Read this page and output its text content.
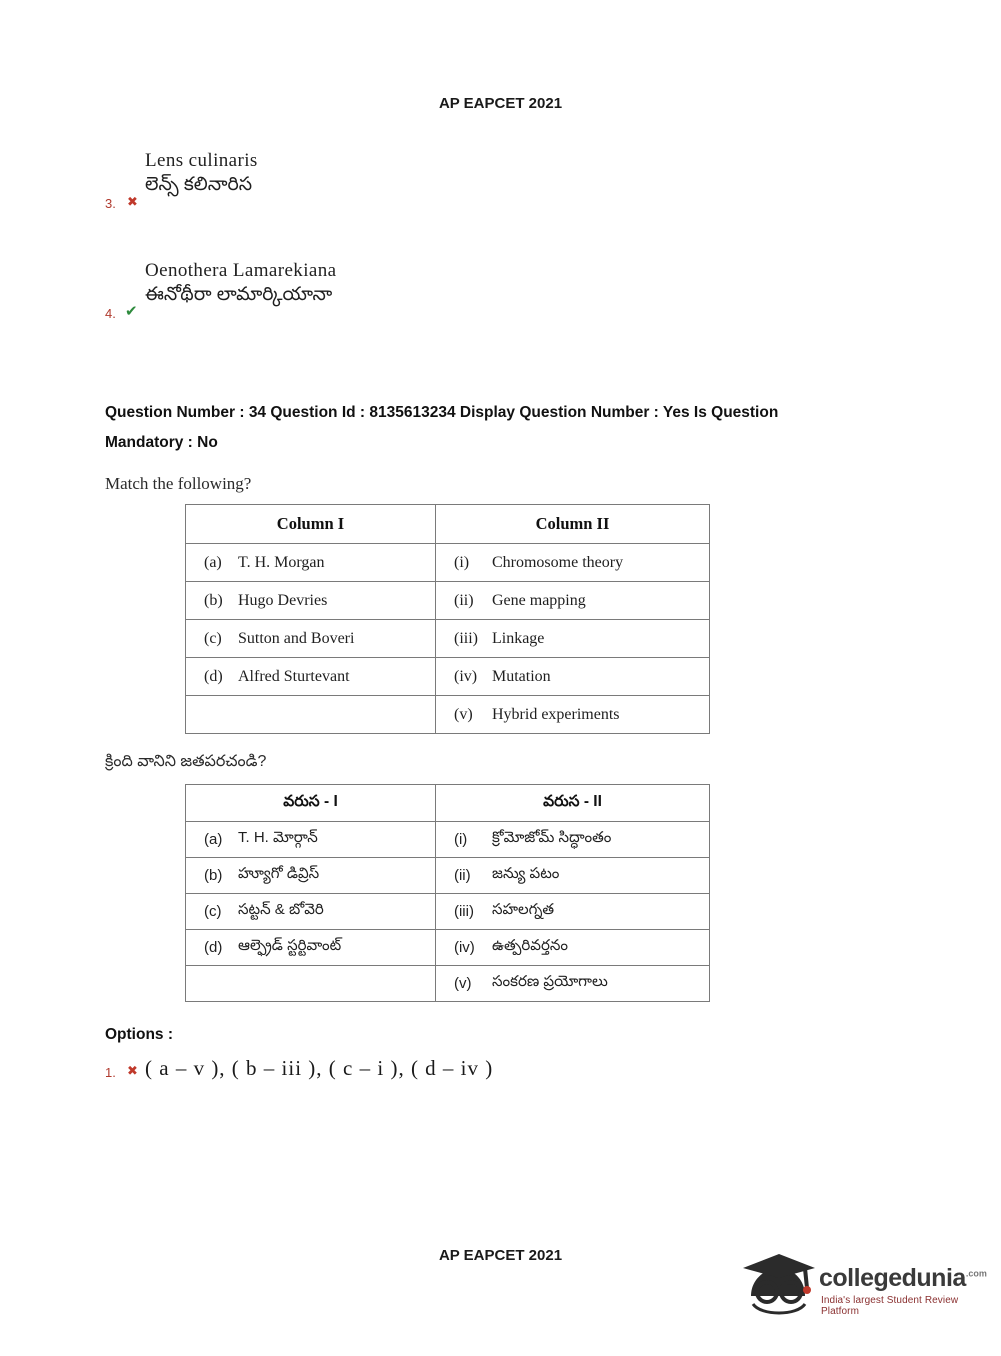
AP EAPCET 2021
Lens culinaris
3. ✖
లెన్స్ కలినారిస
Oenothera Lamarekiana
4. ✔
ఈనోథీరా లామార్కియానా
Question Number : 34 Question Id : 8135613234 Display Question Number : Yes Is Question
Mandatory : No
Match the following?
Column I	Column II

(a) T. H. Morgan	(i) Chromosome theory

(b) Hugo Devries	(ii) Gene mapping

(c) Sutton and Boveri	(iii) Linkage

(d) Alfred Sturtevant	(iv) Mutation

	(v) Hybrid experiments
క్రింది వానిని జతపరచండి?
వరుస - I	వరుస - II

(a) T. H. మోర్గాన్	(i) క్రోమోజోమ్ సిద్ధాంతం

(b) హ్యూగో డివ్రిస్	(ii) జన్యు పటం

(c) సట్టన్ & బోవెరి	(iii) సహలగ్నత

(d) ఆల్ఫ్రెడ్ స్టర్టివాంట్	(iv) ఉత్పరివర్తనం

	(v) సంకరణ ప్రయోగాలు
Options :
1. ✖ ( a – v ), ( b – iii ), ( c – i ), ( d – iv )
AP EAPCET 2021
collegedunia$^{.com}$
India's largest Student Review Platform
